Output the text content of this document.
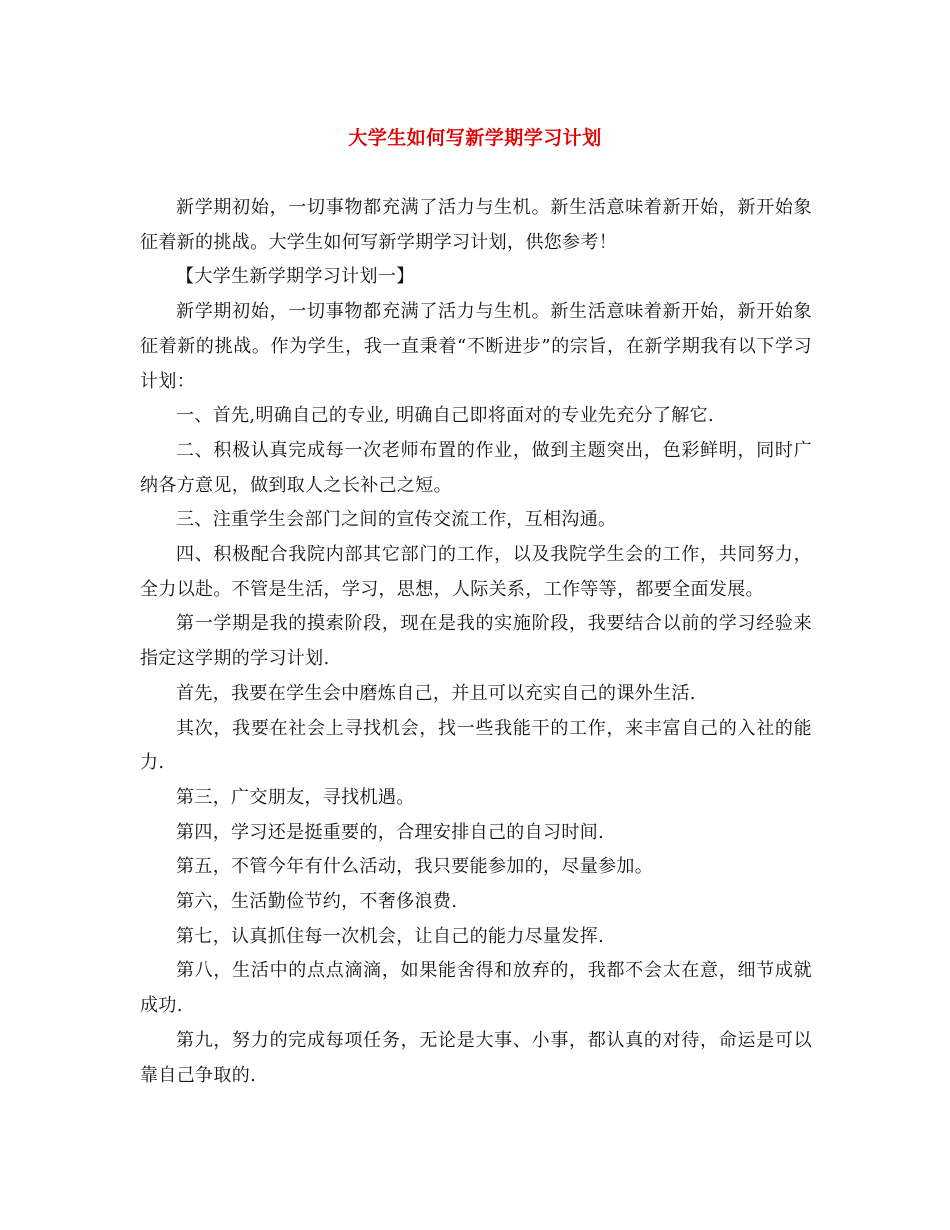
大学生如何写新学期学习计划

新学期初始，一切事物都充满了活力与生机。新生活意味着新开始，新开始象征着新的挑战。大学生如何写新学期学习计划，供您参考！

【大学生新学期学习计划一】

新学期初始，一切事物都充满了活力与生机。新生活意味着新开始，新开始象征着新的挑战。作为学生，我一直秉着“不断进步”的宗旨，在新学期我有以下学习计划：

一、首先,明确自己的专业, 明确自己即将面对的专业先充分了解它.

二、积极认真完成每一次老师布置的作业，做到主题突出，色彩鲜明，同时广纳各方意见，做到取人之长补己之短。

三、注重学生会部门之间的宣传交流工作，互相沟通。

四、积极配合我院内部其它部门的工作，以及我院学生会的工作，共同努力，全力以赴。不管是生活，学习，思想，人际关系，工作等等，都要全面发展。

第一学期是我的摸索阶段，现在是我的实施阶段，我要结合以前的学习经验来指定这学期的学习计划.

首先，我要在学生会中磨炼自己，并且可以充实自己的课外生活.

其次，我要在社会上寻找机会，找一些我能干的工作，来丰富自己的入社的能力.

第三，广交朋友，寻找机遇。

第四，学习还是挺重要的，合理安排自己的自习时间.

第五，不管今年有什么活动，我只要能参加的，尽量参加。

第六，生活勤俭节约，不奢侈浪费.

第七，认真抓住每一次机会，让自己的能力尽量发挥.

第八，生活中的点点滴滴，如果能舍得和放弃的，我都不会太在意，细节成就成功.

第九，努力的完成每项任务，无论是大事、小事，都认真的对待，命运是可以靠自己争取的.
